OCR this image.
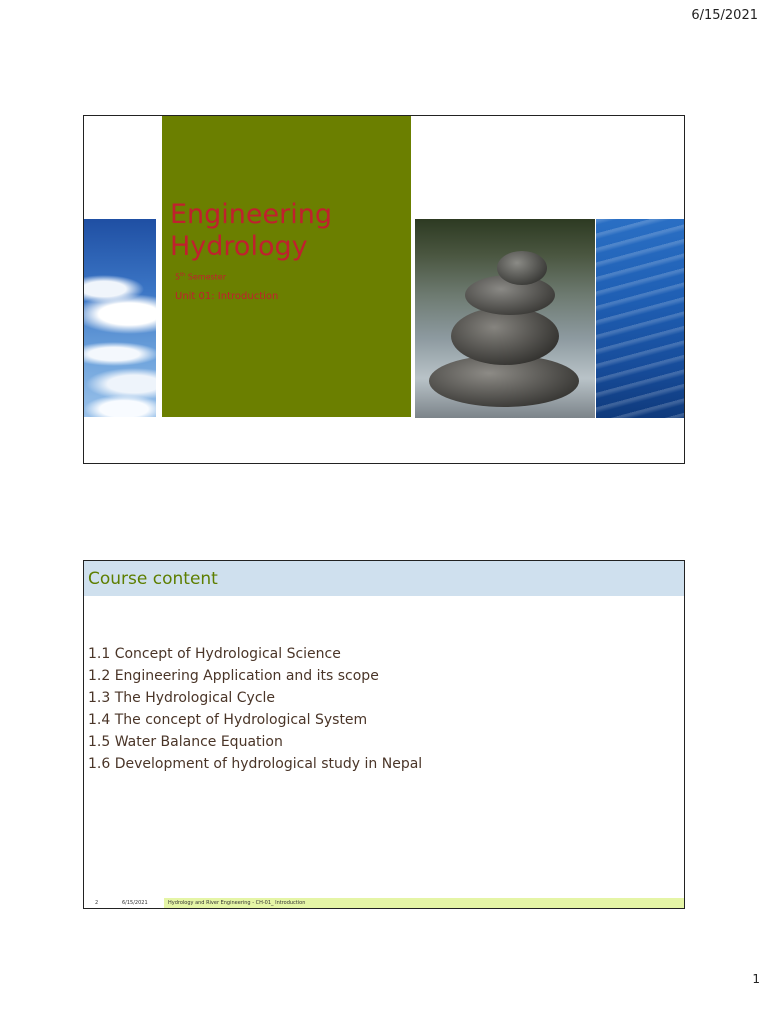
6/15/2021
Engineering Hydrology
5th Semester
Unit 01: Introduction
Course content
1.1 Concept of Hydrological Science
1.2 Engineering Application and its scope
1.3 The Hydrological Cycle
1.4 The concept of Hydrological System
1.5 Water Balance Equation
1.6 Development of hydrological study in Nepal
2	6/15/2021	Hydrology and River Engineering - CH-01_ Introduction
1
